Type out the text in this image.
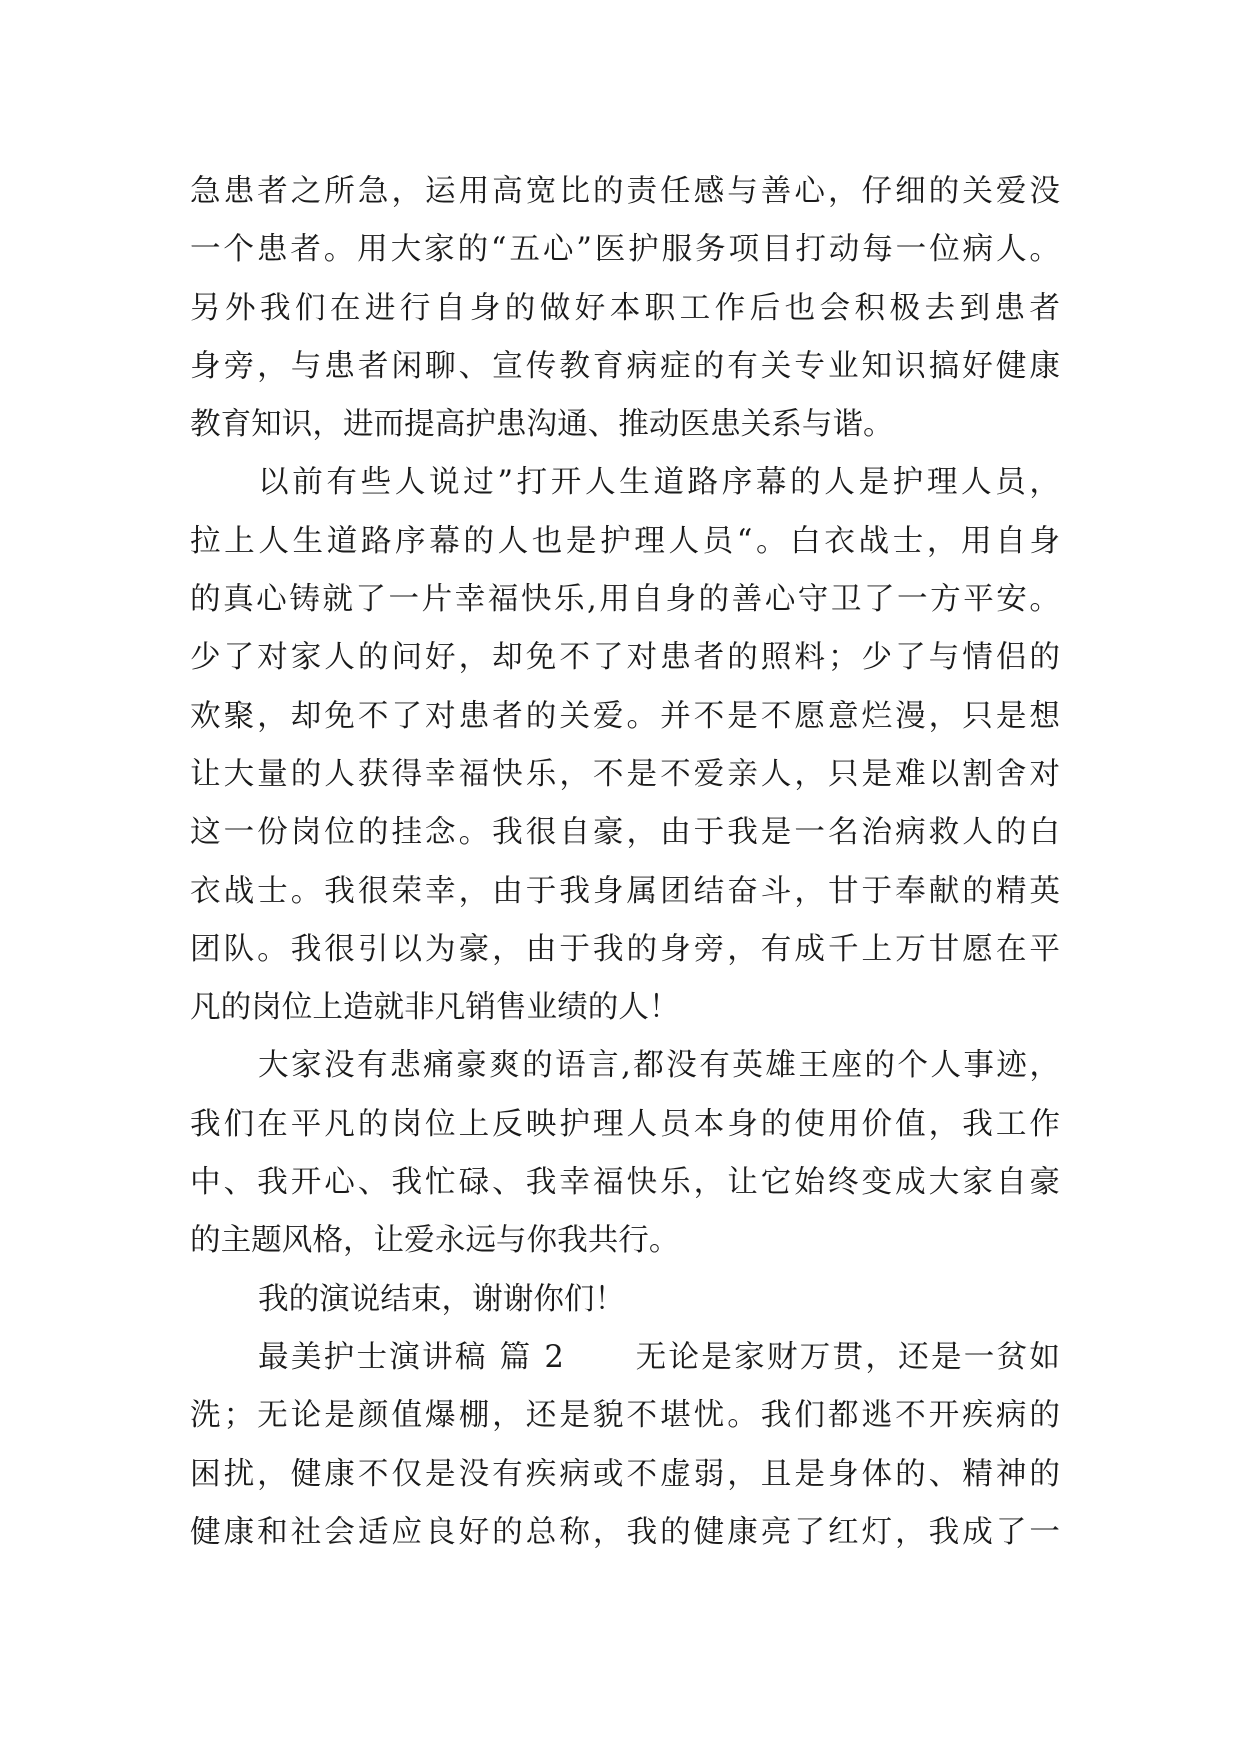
急患者之所急，运用高宽比的责任感与善心，仔细的关爱没
一个患者。用大家的“五心”医护服务项目打动每一位病人。
另外我们在进行自身的做好本职工作后也会积极去到患者
身旁，与患者闲聊、宣传教育病症的有关专业知识搞好健康
教育知识，进而提高护患沟通、推动医患关系与谐。
以前有些人说过”打开人生道路序幕的人是护理人员，
拉上人生道路序幕的人也是护理人员“。白衣战士，用自身
的真心铸就了一片幸福快乐,用自身的善心守卫了一方平安。
少了对家人的问好，却免不了对患者的照料；少了与情侣的
欢聚，却免不了对患者的关爱。并不是不愿意烂漫，只是想
让大量的人获得幸福快乐，不是不爱亲人，只是难以割舍对
这一份岗位的挂念。我很自豪，由于我是一名治病救人的白
衣战士。我很荣幸，由于我身属团结奋斗，甘于奉献的精英
团队。我很引以为豪，由于我的身旁，有成千上万甘愿在平
凡的岗位上造就非凡销售业绩的人！
大家没有悲痛豪爽的语言,都没有英雄王座的个人事迹，
我们在平凡的岗位上反映护理人员本身的使用价值，我工作
中、我开心、我忙碌、我幸福快乐，让它始终变成大家自豪
的主题风格，让爱永远与你我共行。
我的演说结束，谢谢你们！
最美护士演讲稿 篇 2      无论是家财万贯，还是一贫如
洗；无论是颜值爆棚，还是貌不堪忧。我们都逃不开疾病的
困扰，健康不仅是没有疾病或不虚弱，且是身体的、精神的
健康和社会适应良好的总称，我的健康亮了红灯，我成了一
